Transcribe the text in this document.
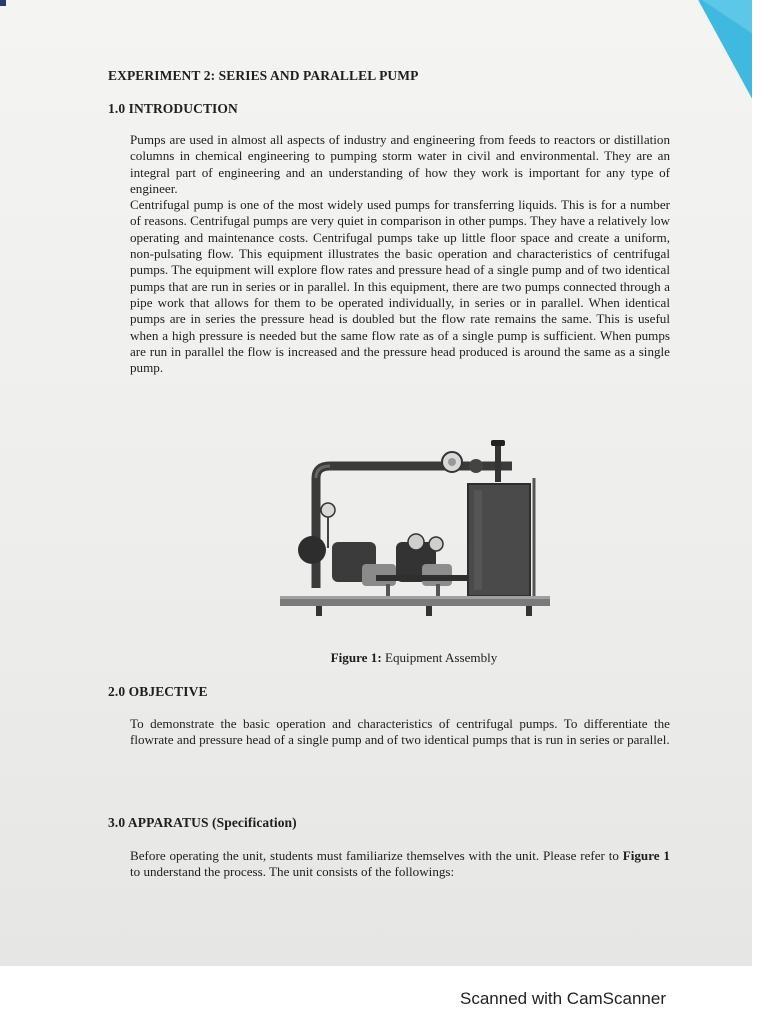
EXPERIMENT 2: SERIES AND PARALLEL PUMP
1.0 INTRODUCTION

Pumps are used in almost all aspects of industry and engineering from feeds to reactors or distillation columns in chemical engineering to pumping storm water in civil and environmental. They are an integral part of engineering and an understanding of how they work is important for any type of engineer.

Centrifugal pump is one of the most widely used pumps for transferring liquids. This is for a number of reasons. Centrifugal pumps are very quiet in comparison in other pumps. They have a relatively low operating and maintenance costs. Centrifugal pumps take up little floor space and create a uniform, non-pulsating flow. This equipment illustrates the basic operation and characteristics of centrifugal pumps. The equipment will explore flow rates and pressure head of a single pump and of two identical pumps that are run in series or in parallel. In this equipment, there are two pumps connected through a pipe work that allows for them to be operated individually, in series or in parallel. When identical pumps are in series the pressure head is doubled but the flow rate remains the same. This is useful when a high pressure is needed but the same flow rate as of a single pump is sufficient. When pumps are run in parallel the flow is increased and the pressure head produced is around the same as a single pump.

Figure 1: Equipment Assembly
2.0 OBJECTIVE

To demonstrate the basic operation and characteristics of centrifugal pumps. To differentiate the flowrate and pressure head of a single pump and of two identical pumps that is run in series or parallel.

3.0 APPARATUS (Specification)

Before operating the unit, students must familiarize themselves with the unit. Please refer to Figure 1 to understand the process. The unit consists of the followings:

Scanned with CamScanner
